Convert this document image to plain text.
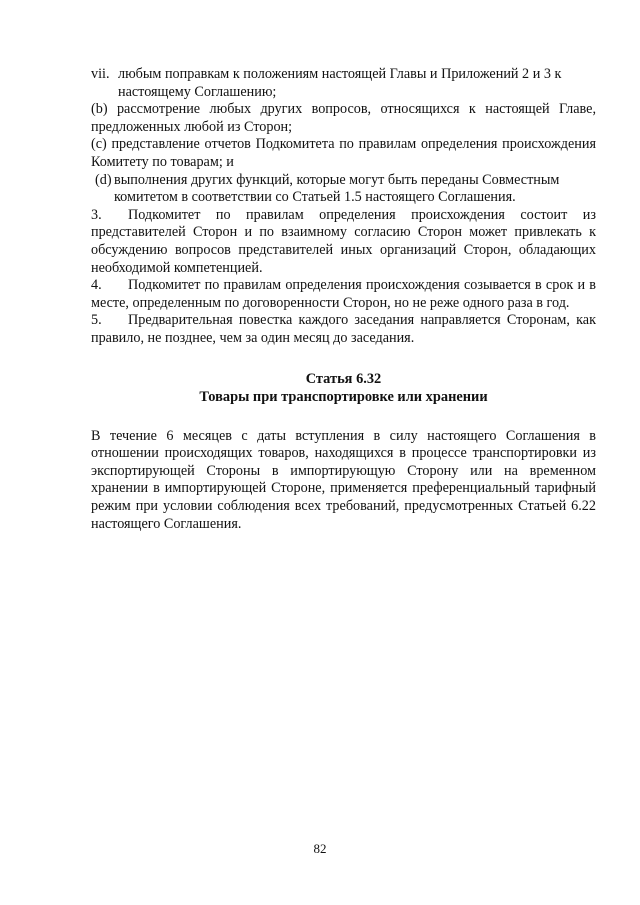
vii. любым поправкам к положениям настоящей Главы и Приложений 2 и 3 к настоящему Соглашению;

(b) рассмотрение любых других вопросов, относящихся к настоящей Главе, предложенных любой из Сторон;

(c) представление отчетов Подкомитета по правилам определения происхождения Комитету по товарам; и

(d) выполнения других функций, которые могут быть переданы Совместным комитетом в соответствии со Статьей 1.5 настоящего Соглашения.

3. Подкомитет по правилам определения происхождения состоит из представителей Сторон и по взаимному согласию Сторон может привлекать к обсуждению вопросов представителей иных организаций Сторон, обладающих необходимой компетенцией.

4. Подкомитет по правилам определения происхождения созывается в срок и в месте, определенным по договоренности Сторон, но не реже одного раза в год.

5. Предварительная повестка каждого заседания направляется Сторонам, как правило, не позднее, чем за один месяц до заседания.

Статья 6.32
Товары при транспортировке или хранении

В течение 6 месяцев с даты вступления в силу настоящего Соглашения в отношении происходящих товаров, находящихся в процессе транспортировки из экспортирующей Стороны в импортирующую Сторону или на временном хранении в импортирующей Стороне, применяется преференциальный тарифный режим при условии соблюдения всех требований, предусмотренных Статьей 6.22 настоящего Соглашения.

82
